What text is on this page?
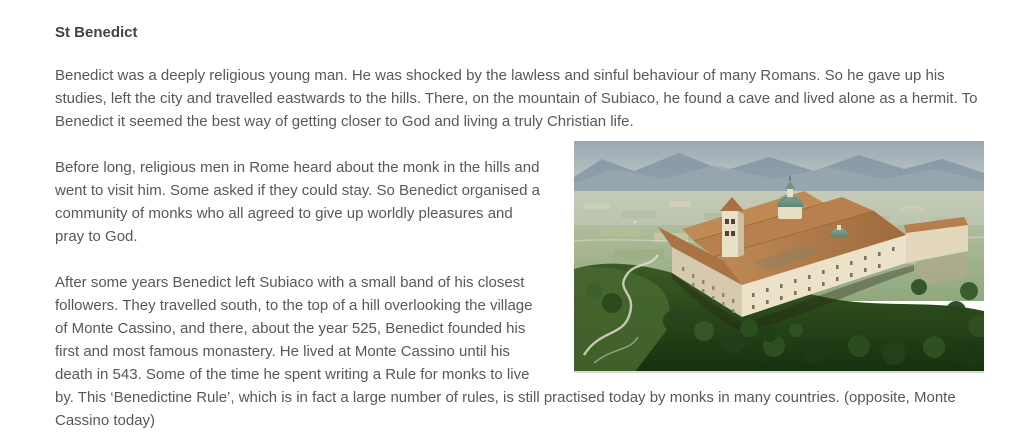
St Benedict

Benedict was a deeply religious young man. He was shocked by the lawless and sinful behaviour of many Romans. So he gave up his studies, left the city and travelled eastwards to the hills. There, on the mountain of Subiaco, he found a cave and lived alone as a hermit. To Benedict it seemed the best way of getting closer to God and living a truly Christian life.

Before long, religious men in Rome heard about the monk in the hills and went to visit him. Some asked if they could stay. So Benedict organised a community of monks who all agreed to give up worldly pleasures and pray to God.

After some years Benedict left Subiaco with a small band of his closest followers. They travelled south, to the top of a hill overlooking the village of Monte Cassino, and there, about the year 525, Benedict founded his first and most famous monastery. He lived at Monte Cassino until his death in 543. Some of the time he spent writing a Rule for monks to live by. This ‘Benedictine Rule’, which is in fact a large number of rules, is still practised today by monks in many countries. (opposite, Monte Cassino today)
